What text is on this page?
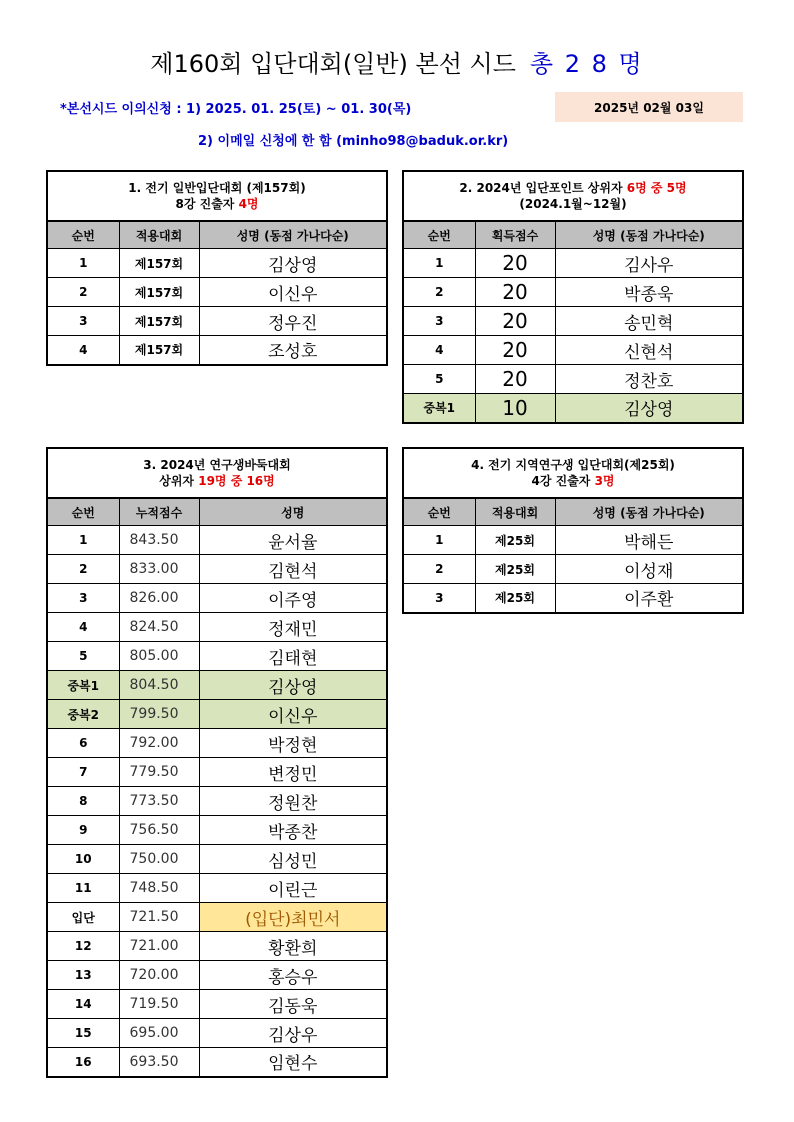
제160회 입단대회(일반) 본선 시드 총 2 8 명
*본선시드 이의신청 : 1) 2025. 01. 25(토) ~ 01. 30(목)
2) 이메일 신청에 한 함 (minho98@baduk.or.kr)
2025년 02월 03일
1. 전기 일반입단대회 (제157회)
8강 진출자 4명		
순번	적용대회	성명 (동점 가나다순)
1	제157회	김상영
2	제157회	이신우
3	제157회	정우진
4	제157회	조성호
2. 2024년 입단포인트 상위자 6명 중 5명
(2024.1월~12월)		
순번	획득점수	성명 (동점 가나다순)
1	20	김사우
2	20	박종욱
3	20	송민혁
4	20	신현석
5	20	정찬호
중복1	10	김상영
3. 2024년 연구생바둑대회
상위자 19명 중 16명		
순번	누적점수	성명
1	843.50	윤서율
2	833.00	김현석
3	826.00	이주영
4	824.50	정재민
5	805.00	김태현
중복1	804.50	김상영
중복2	799.50	이신우
6	792.00	박정현
7	779.50	변정민
8	773.50	정원찬
9	756.50	박종찬
10	750.00	심성민
11	748.50	이린근
입단	721.50	(입단)최민서
12	721.00	황환희
13	720.00	홍승우
14	719.50	김동욱
15	695.00	김상우
16	693.50	임현수
4. 전기 지역연구생 입단대회(제25회)
4강 진출자 3명		
순번	적용대회	성명 (동점 가나다순)
1	제25회	박해든
2	제25회	이성재
3	제25회	이주환
